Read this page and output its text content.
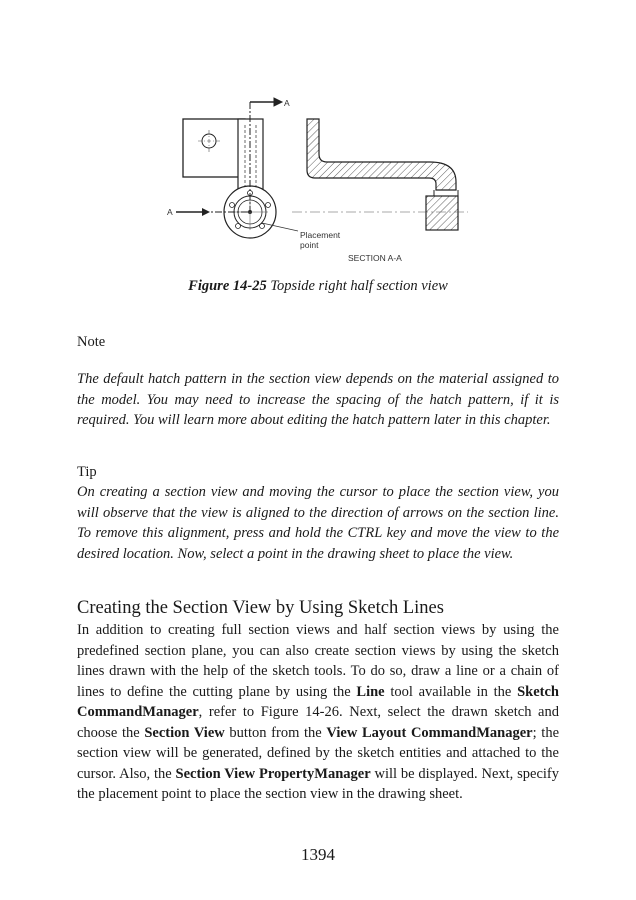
A
A
Placement
point
SECTION A-A
Figure 14-25 Topside right half section view
Note
The default hatch pattern in the section view depends on the material assigned to the model. You may need to increase the spacing of the hatch pattern, if it is required. You will learn more about editing the hatch pattern later in this chapter.
Tip
On creating a section view and moving the cursor to place the section view, you will observe that the view is aligned to the direction of arrows on the section line. To remove this alignment, press and hold the CTRL key and move the view to the desired location. Now, select a point in the drawing sheet to place the view.
Creating the Section View by Using Sketch Lines
In addition to creating full section views and half section views by using the predefined section plane, you can also create section views by using the sketch lines drawn with the help of the sketch tools. To do so, draw a line or a chain of lines to define the cutting plane by using the Line tool available in the Sketch CommandManager, refer to Figure 14-26. Next, select the drawn sketch and choose the Section View button from the View Layout CommandManager; the section view will be generated, defined by the sketch entities and attached to the cursor. Also, the Section View PropertyManager will be displayed. Next, specify the placement point to place the section view in the drawing sheet.
1394
